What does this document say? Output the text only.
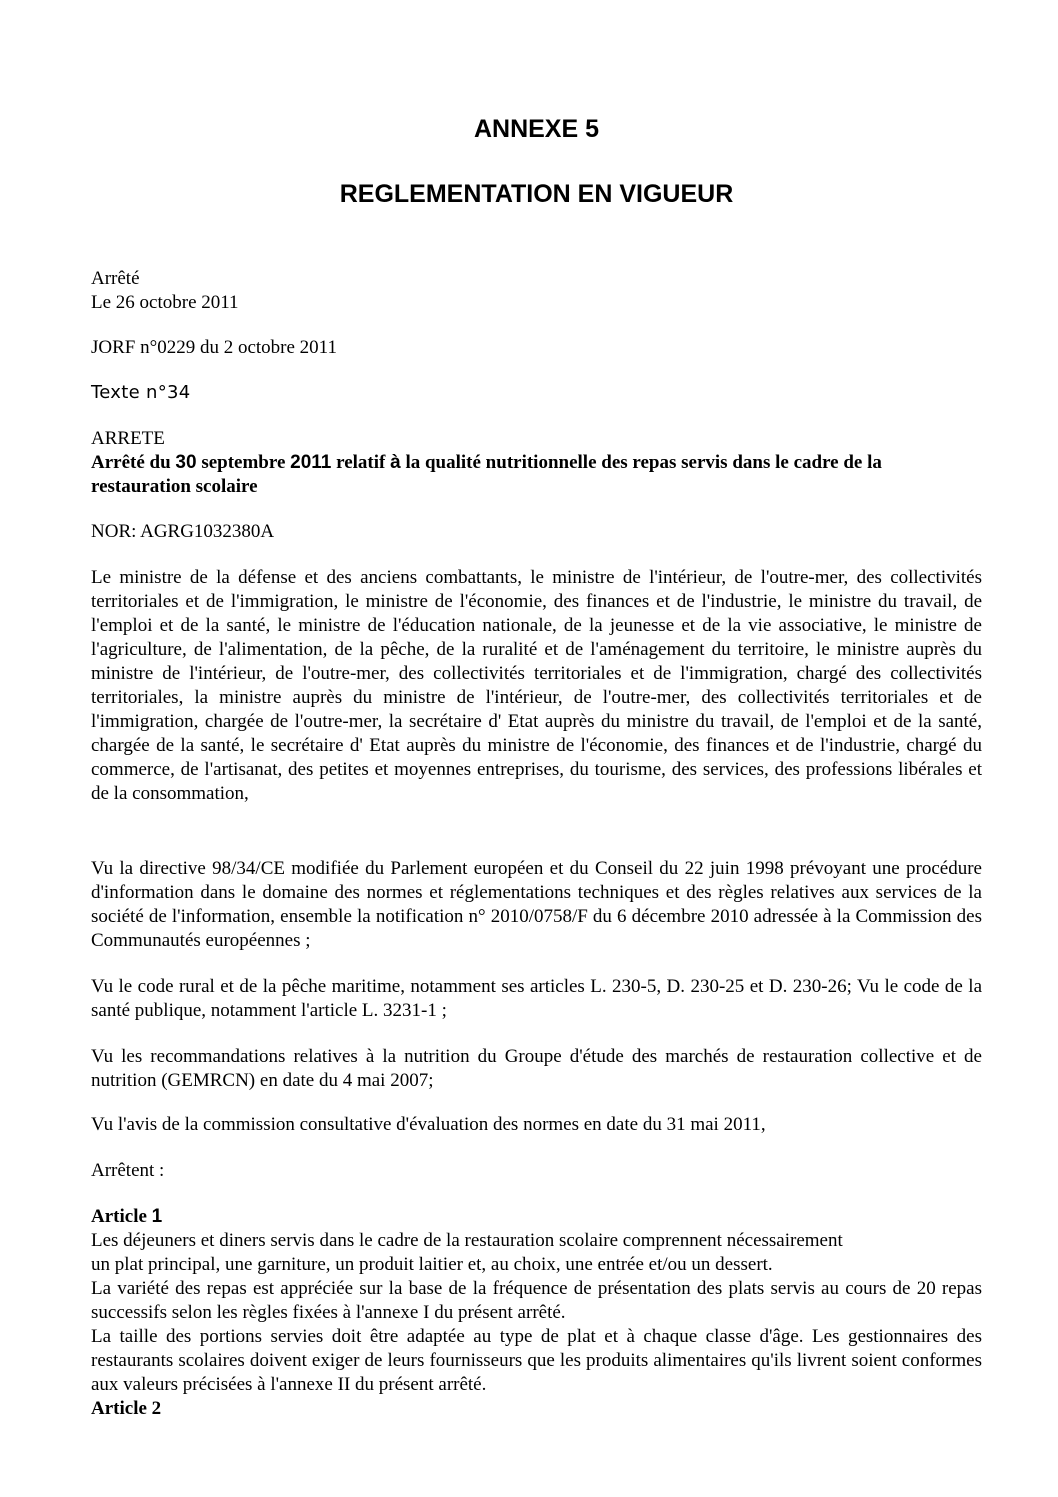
ANNEXE 5
REGLEMENTATION EN VIGUEUR
Arrêté
Le 26 octobre 2011
JORF n°0229 du 2 octobre 2011
Texte n°34
ARRETE
Arrêté du 30 septembre 2011 relatif à la qualité nutritionnelle des repas servis dans le cadre de la
restauration scolaire
NOR: AGRG1032380A
Le ministre de la défense et des anciens combattants, le ministre de l'intérieur, de l'outre-mer, des collectivités territoriales et de l'immigration, le ministre de l'économie, des finances et de l'industrie, le ministre du travail, de l'emploi et de la santé, le ministre de l'éducation nationale, de la jeunesse et de la vie associative, le ministre de l'agriculture, de l'alimentation, de la pêche, de la ruralité et de l'aménagement du territoire, le ministre auprès du ministre de l'intérieur, de l'outre-mer, des collectivités territoriales et de l'immigration, chargé des collectivités territoriales, la ministre auprès du ministre de l'intérieur, de l'outre-mer, des collectivités territoriales et de l'immigration, chargée de l'outre-mer, la secrétaire d' Etat auprès du ministre du travail, de l'emploi et de la santé, chargée de la santé, le secrétaire d' Etat auprès du ministre de l'économie, des finances et de l'industrie, chargé du commerce, de l'artisanat, des petites et moyennes entreprises, du tourisme, des services, des professions libérales et de la consommation,
Vu la directive 98/34/CE modifiée du Parlement européen et du Conseil du 22 juin 1998 prévoyant une procédure d'information dans le domaine des normes et réglementations techniques et des règles relatives aux services de la société de l'information, ensemble la notification n° 2010/0758/F du 6 décembre 2010 adressée à la Commission des Communautés européennes ;
Vu le code rural et de la pêche maritime, notamment ses articles L. 230-5, D. 230-25 et D. 230-26; Vu le code de la santé publique, notamment l'article L. 3231-1 ;
Vu les recommandations relatives à la nutrition du Groupe d'étude des marchés de restauration collective et de nutrition (GEMRCN) en date du 4 mai 2007;
Vu l'avis de la commission consultative d'évaluation des normes en date du 31 mai 2011,
Arrêtent :
Article 1
Les déjeuners et diners servis dans le cadre de la restauration scolaire comprennent nécessairement
un plat principal, une garniture, un produit laitier et, au choix, une entrée et/ou un dessert.
La variété des repas est appréciée sur la base de la fréquence de présentation des plats servis au cours de 20 repas successifs selon les règles fixées à l'annexe I du présent arrêté.
La taille des portions servies doit être adaptée au type de plat et à chaque classe d'âge. Les gestionnaires des restaurants scolaires doivent exiger de leurs fournisseurs que les produits alimentaires qu'ils livrent soient conformes aux valeurs précisées à l'annexe II du présent arrêté.
Article 2
